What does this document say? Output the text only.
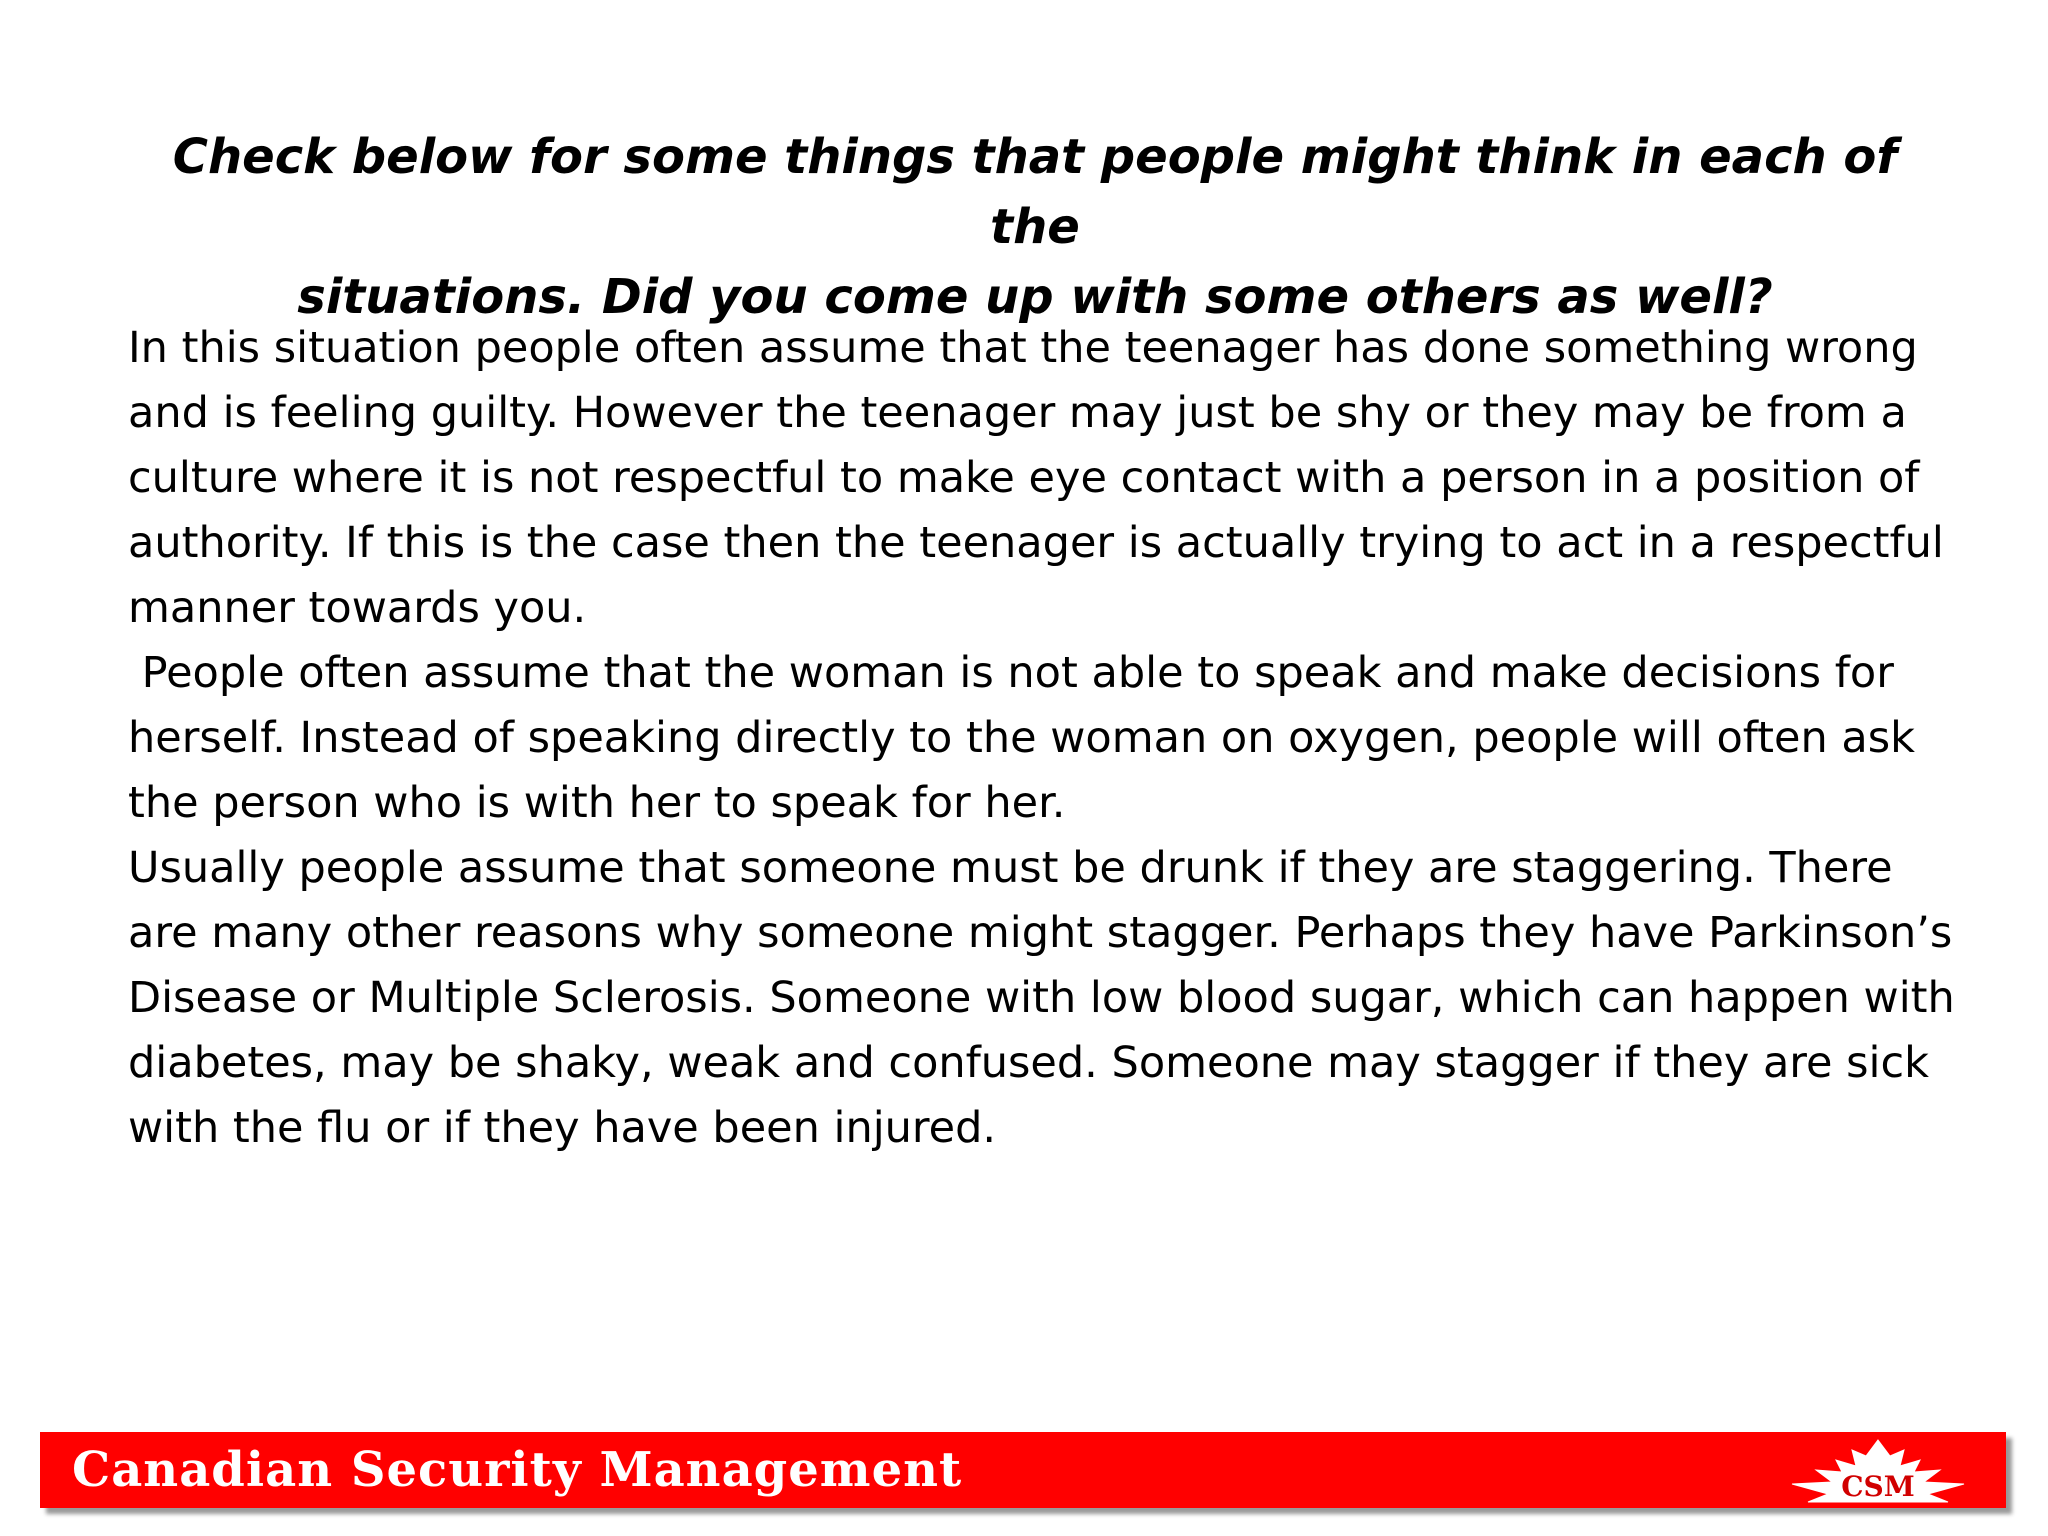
Check below for some things that people might think in each of the
situations. Did you come up with some others as well?

In this situation people often assume that the teenager has done something wrong and is feeling guilty. However the teenager may just be shy or they may be from a culture where it is not respectful to make eye contact with a person in a position of authority. If this is the case then the teenager is actually trying to act in a respectful manner towards you.

People often assume that the woman is not able to speak and make decisions for herself. Instead of speaking directly to the woman on oxygen, people will often ask the person who is with her to speak for her.

Usually people assume that someone must be drunk if they are staggering. There are many other reasons why someone might stagger. Perhaps they have Parkinson’s Disease or Multiple Sclerosis. Someone with low blood sugar, which can happen with diabetes, may be shaky, weak and confused. Someone may stagger if they are sick with the flu or if they have been injured.

Canadian Security Management	CSM
